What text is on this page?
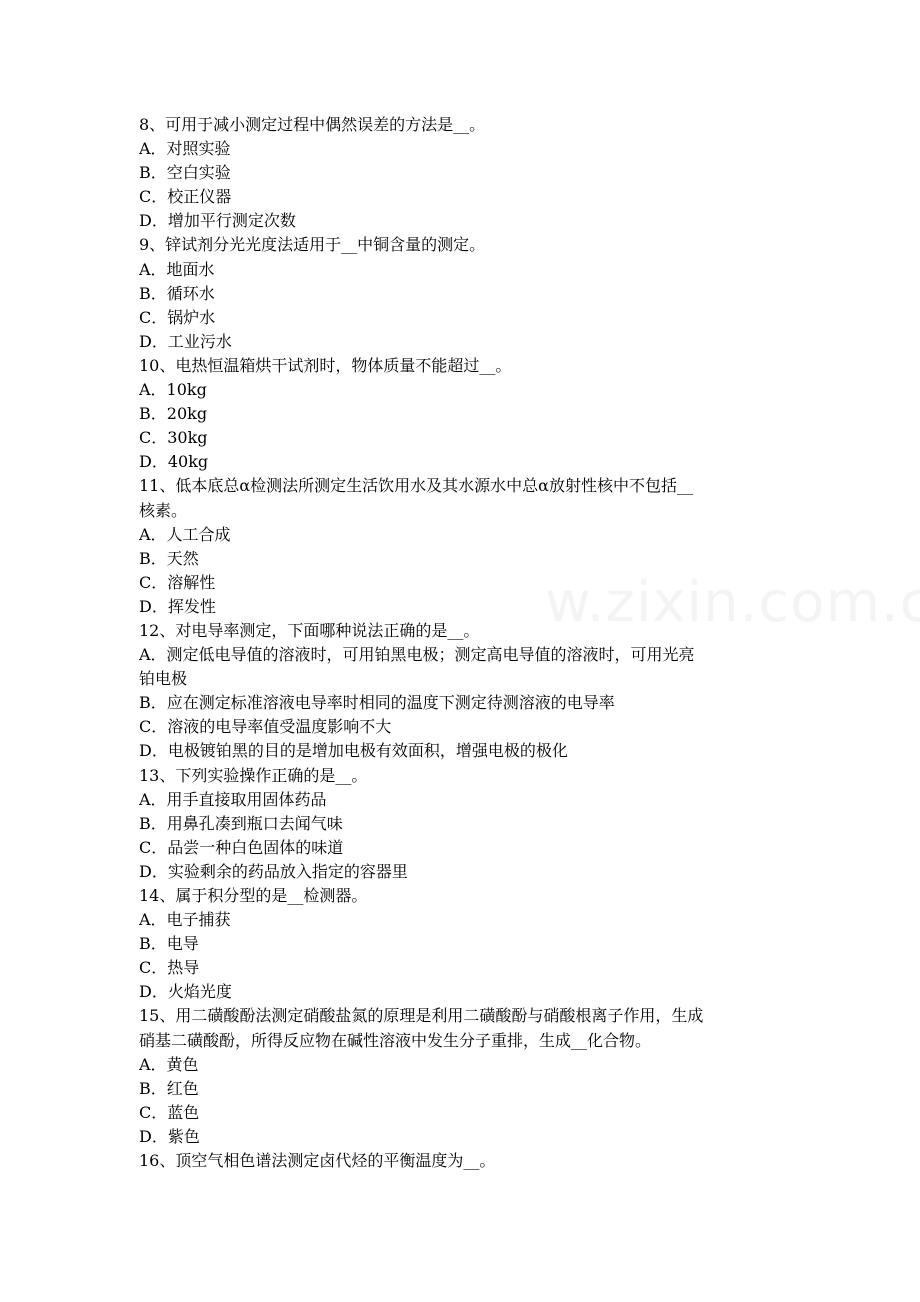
8、可用于减小测定过程中偶然误差的方法是__。
A．对照实验
B．空白实验
C．校正仪器
D．增加平行测定次数
9、锌试剂分光光度法适用于__中铜含量的测定。
A．地面水
B．循环水
C．锅炉水
D．工业污水
10、电热恒温箱烘干试剂时，物体质量不能超过__。
A．10kg
B．20kg
C．30kg
D．40kg
11、低本底总α检测法所测定生活饮用水及其水源水中总α放射性核中不包括__
核素。
A．人工合成
B．天然
C．溶解性
D．挥发性
12、对电导率测定，下面哪种说法正确的是__。
A．测定低电导值的溶液时，可用铂黑电极；测定高电导值的溶液时，可用光亮
铂电极
B．应在测定标准溶液电导率时相同的温度下测定待测溶液的电导率
C．溶液的电导率值受温度影响不大
D．电极镀铂黑的目的是增加电极有效面积，增强电极的极化
13、下列实验操作正确的是__。
A．用手直接取用固体药品
B．用鼻孔凑到瓶口去闻气味
C．品尝一种白色固体的味道
D．实验剩余的药品放入指定的容器里
14、属于积分型的是__检测器。
A．电子捕获
B．电导
C．热导
D．火焰光度
15、用二磺酸酚法测定硝酸盐氮的原理是利用二磺酸酚与硝酸根离子作用，生成
硝基二磺酸酚，所得反应物在碱性溶液中发生分子重排，生成__化合物。
A．黄色
B．红色
C．蓝色
D．紫色
16、顶空气相色谱法测定卤代烃的平衡温度为__。
